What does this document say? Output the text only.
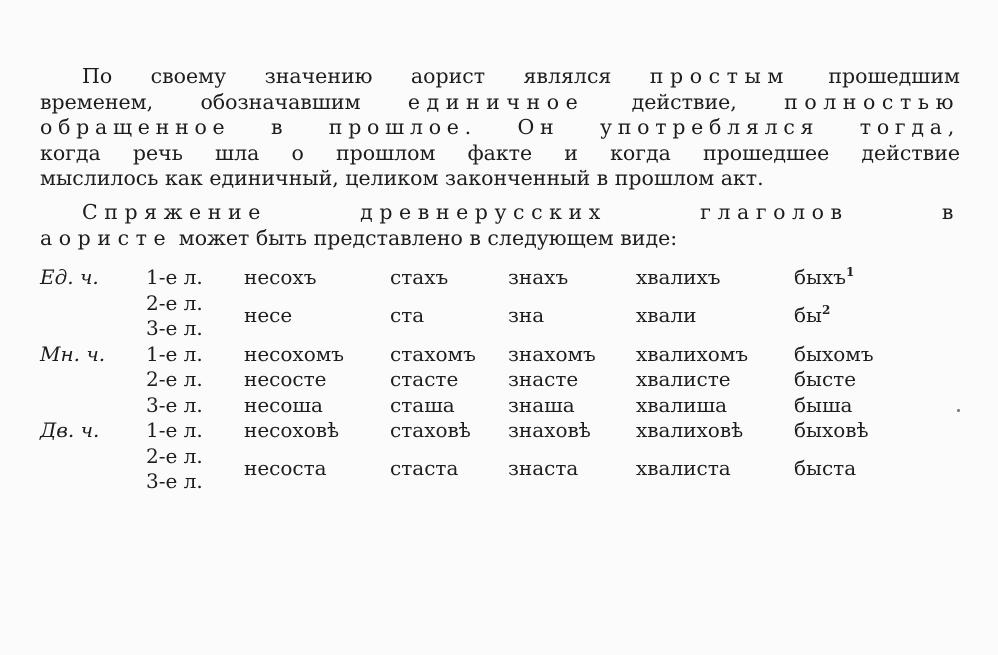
По своему значению аорист являлся простым прошедшим
временем, обозначавшим единичное действие, полностью
обращенное в прошлое. Он употреблялся тогда,
когда речь шла о прошлом факте и когда прошедшее действие
мыслилось как единичный, целиком законченный в прошлом акт.
Спряжение древнерусских глаголов в
аористе может быть представлено в следующем виде:
Ед. ч.	1-е л.	несохъ	стахъ	знахъ	хвалихъ	быхъ$^1$
	2-е л.	несе	ста	зна	хвали	$бы^2$
	3-е л.					
Мн. ч.	1-е л.	несохомъ	стахомъ	знахомъ	хвалихомъ	быхомъ
	2-е л.	несосте	стасте	знасте	хвалисте	бысте
	3-е л.	несоша	сташа	знаша	хвалиша	быша
Дв. ч.	1-е л.	несоховѣ	стаховѣ	знаховѣ	хвалиховѣ	быховѣ
	2-е л.	несоста	стаста	знаста	хвалиста	быста
	3-е л.					
